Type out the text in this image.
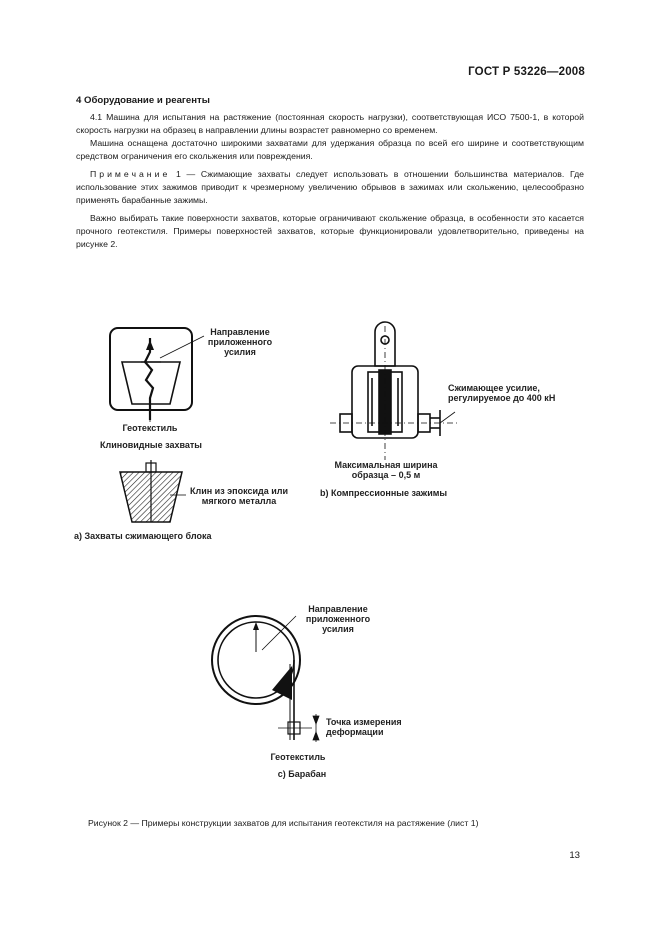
ГОСТ Р 53226—2008
4 Оборудование и реагенты

4.1 Машина для испытания на растяжение (постоянная скорость нагрузки), соответствующая ИСО 7500-1, в которой скорость нагрузки на образец в направлении длины возрастет равномерно со временем.

Машина оснащена достаточно широкими захватами для удержания образца по всей его ширине и соответствующим средством ограничения его скольжения или повреждения.

Примечание 1 — Сжимающие захваты следует использовать в отношении большинства материалов. Где использование этих зажимов приводит к чрезмерному увеличению обрывов в зажимах или скольжению, целесообразно применять барабанные зажимы.

Важно выбирать такие поверхности захватов, которые ограничивают скольжение образца, в особенности это касается прочного геотекстиля. Примеры поверхностей захватов, которые функционировали удовлетворительно, приведены на рисунке 2.

Направление приложенного усилия
Геотекстиль
Клиновидные захваты
Клин из эпоксида или мягкого металла
а) Захваты сжимающего блока
Сжимающее усилие, регулируемое до 400 кН
Максимальная ширина образца – 0,5 м
b) Компрессионные зажимы
Направление приложенного усилия
Точка измерения деформации
Геотекстиль
c) Барабан
Рисунок 2 — Примеры конструкции захватов для испытания геотекстиля на растяжение (лист 1)
13
